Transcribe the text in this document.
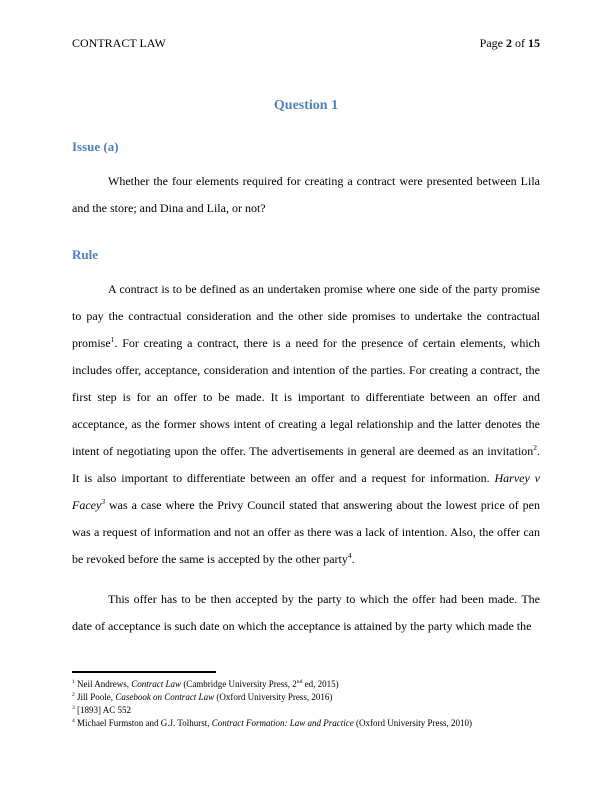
CONTRACT LAW	Page 2 of 15
Question 1
Issue (a)

Whether the four elements required for creating a contract were presented between Lila and the store; and Dina and Lila, or not?

Rule

A contract is to be defined as an undertaken promise where one side of the party promise to pay the contractual consideration and the other side promises to undertake the contractual promise$^1$. For creating a contract, there is a need for the presence of certain elements, which includes offer, acceptance, consideration and intention of the parties. For creating a contract, the first step is for an offer to be made. It is important to differentiate between an offer and acceptance, as the former shows intent of creating a legal relationship and the latter denotes the intent of negotiating upon the offer. The advertisements in general are deemed as an invitation$^2$. It is also important to differentiate between an offer and a request for information. Harvey v Facey$^3$ was a case where the Privy Council stated that answering about the lowest price of pen was a request of information and not an offer as there was a lack of intention. Also, the offer can be revoked before the same is accepted by the other party$^4$.

This offer has to be then accepted by the party to which the offer had been made. The date of acceptance is such date on which the acceptance is attained by the party which made the

$^1$ Neil Andrews, Contract Law (Cambridge University Press, 2nd ed, 2015)
$^2$ Jill Poole, Casebook on Contract Law (Oxford University Press, 2016)
$^3$ [1893] AC 552
$^4$ Michael Furmston and G.J. Tolhurst, Contract Formation: Law and Practice (Oxford University Press, 2010)
